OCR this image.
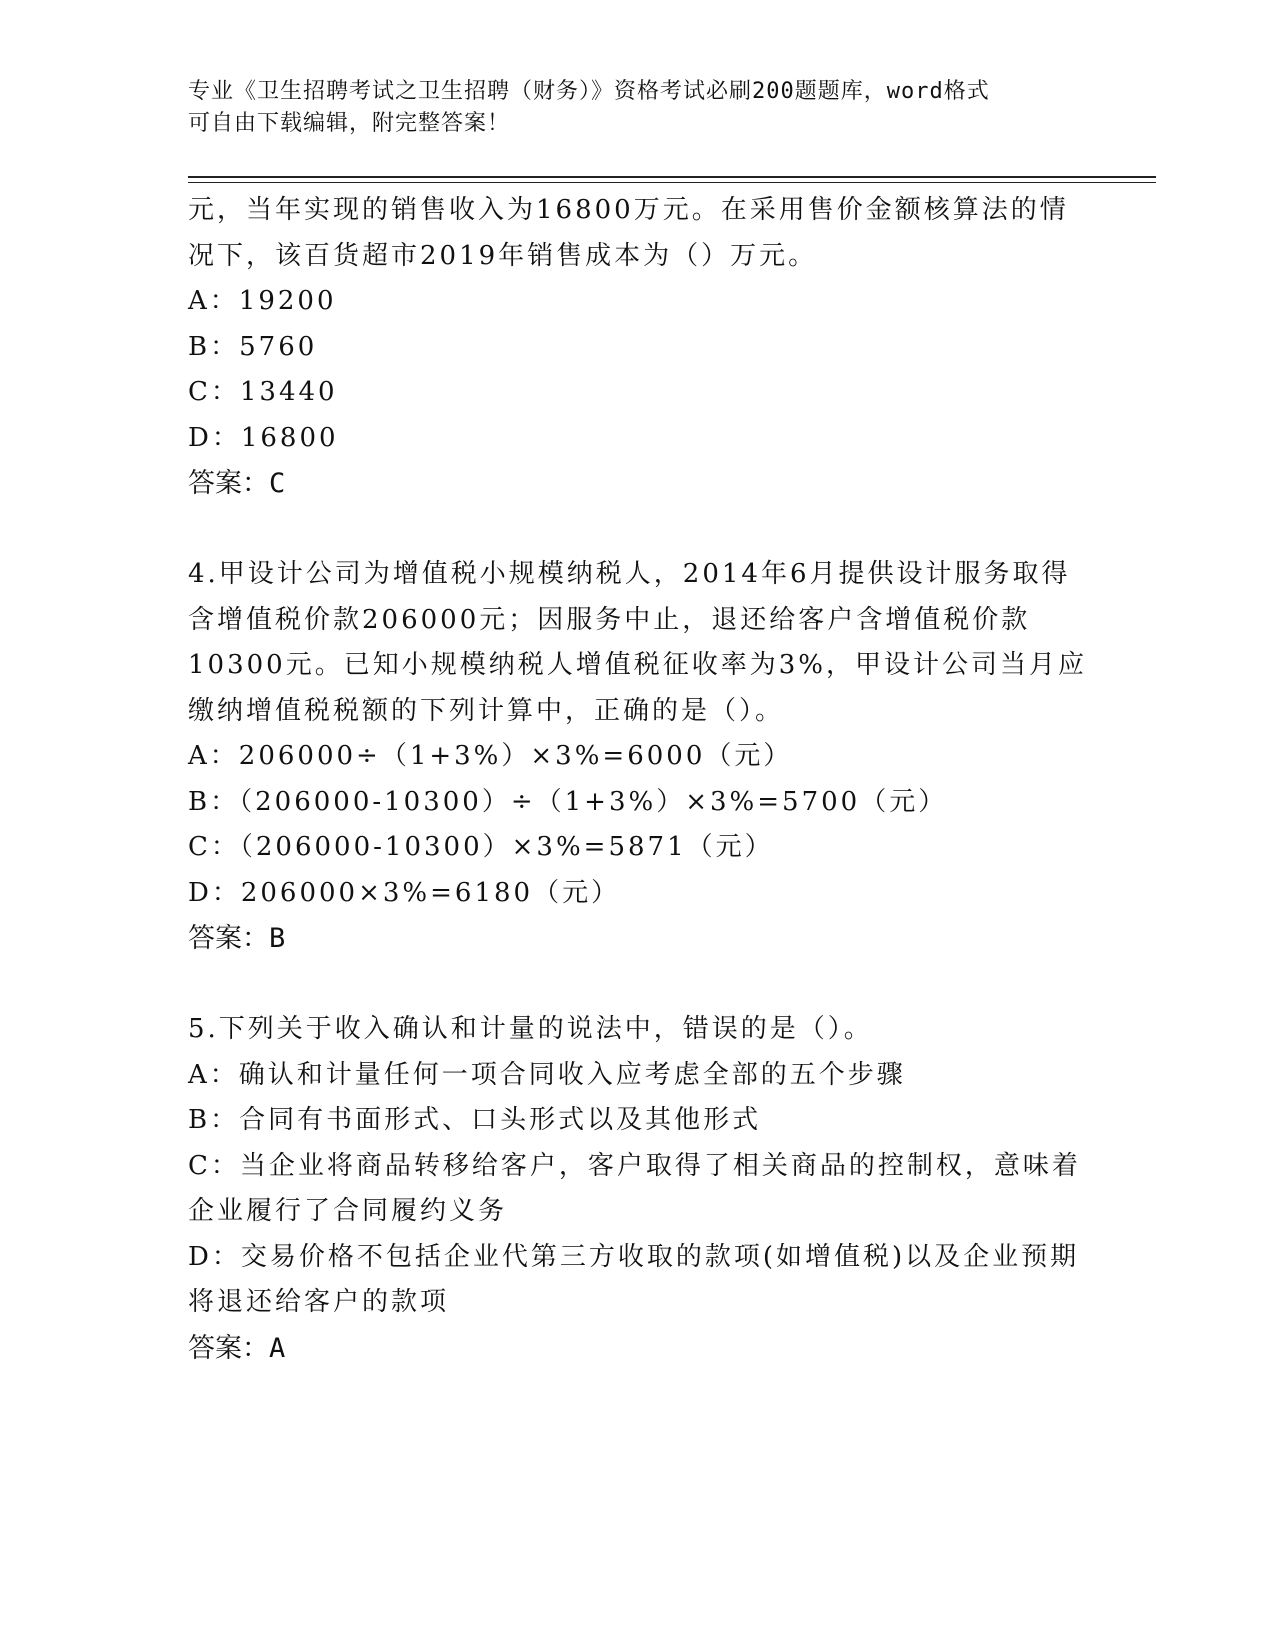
专业《卫生招聘考试之卫生招聘（财务）》资格考试必刷200题题库，word格式
可自由下载编辑，附完整答案！
元，当年实现的销售收入为16800万元。在采用售价金额核算法的情
况下，该百货超市2019年销售成本为（）万元。
A：19200
B：5760
C：13440
D：16800
答案：C
4.甲设计公司为增值税小规模纳税人，2014年6月提供设计服务取得
含增值税价款206000元；因服务中止，退还给客户含增值税价款
10300元。已知小规模纳税人增值税征收率为3%，甲设计公司当月应
缴纳增值税税额的下列计算中，正确的是（）。
A：206000÷（1+3%）×3%=6000（元）
B：（206000-10300）÷（1+3%）×3%=5700（元）
C：（206000-10300）×3%=5871（元）
D：206000×3%=6180（元）
答案：B
5.下列关于收入确认和计量的说法中，错误的是（）。
A：确认和计量任何一项合同收入应考虑全部的五个步骤
B：合同有书面形式、口头形式以及其他形式
C：当企业将商品转移给客户，客户取得了相关商品的控制权，意味着
企业履行了合同履约义务
D：交易价格不包括企业代第三方收取的款项(如增值税)以及企业预期
将退还给客户的款项
答案：A
